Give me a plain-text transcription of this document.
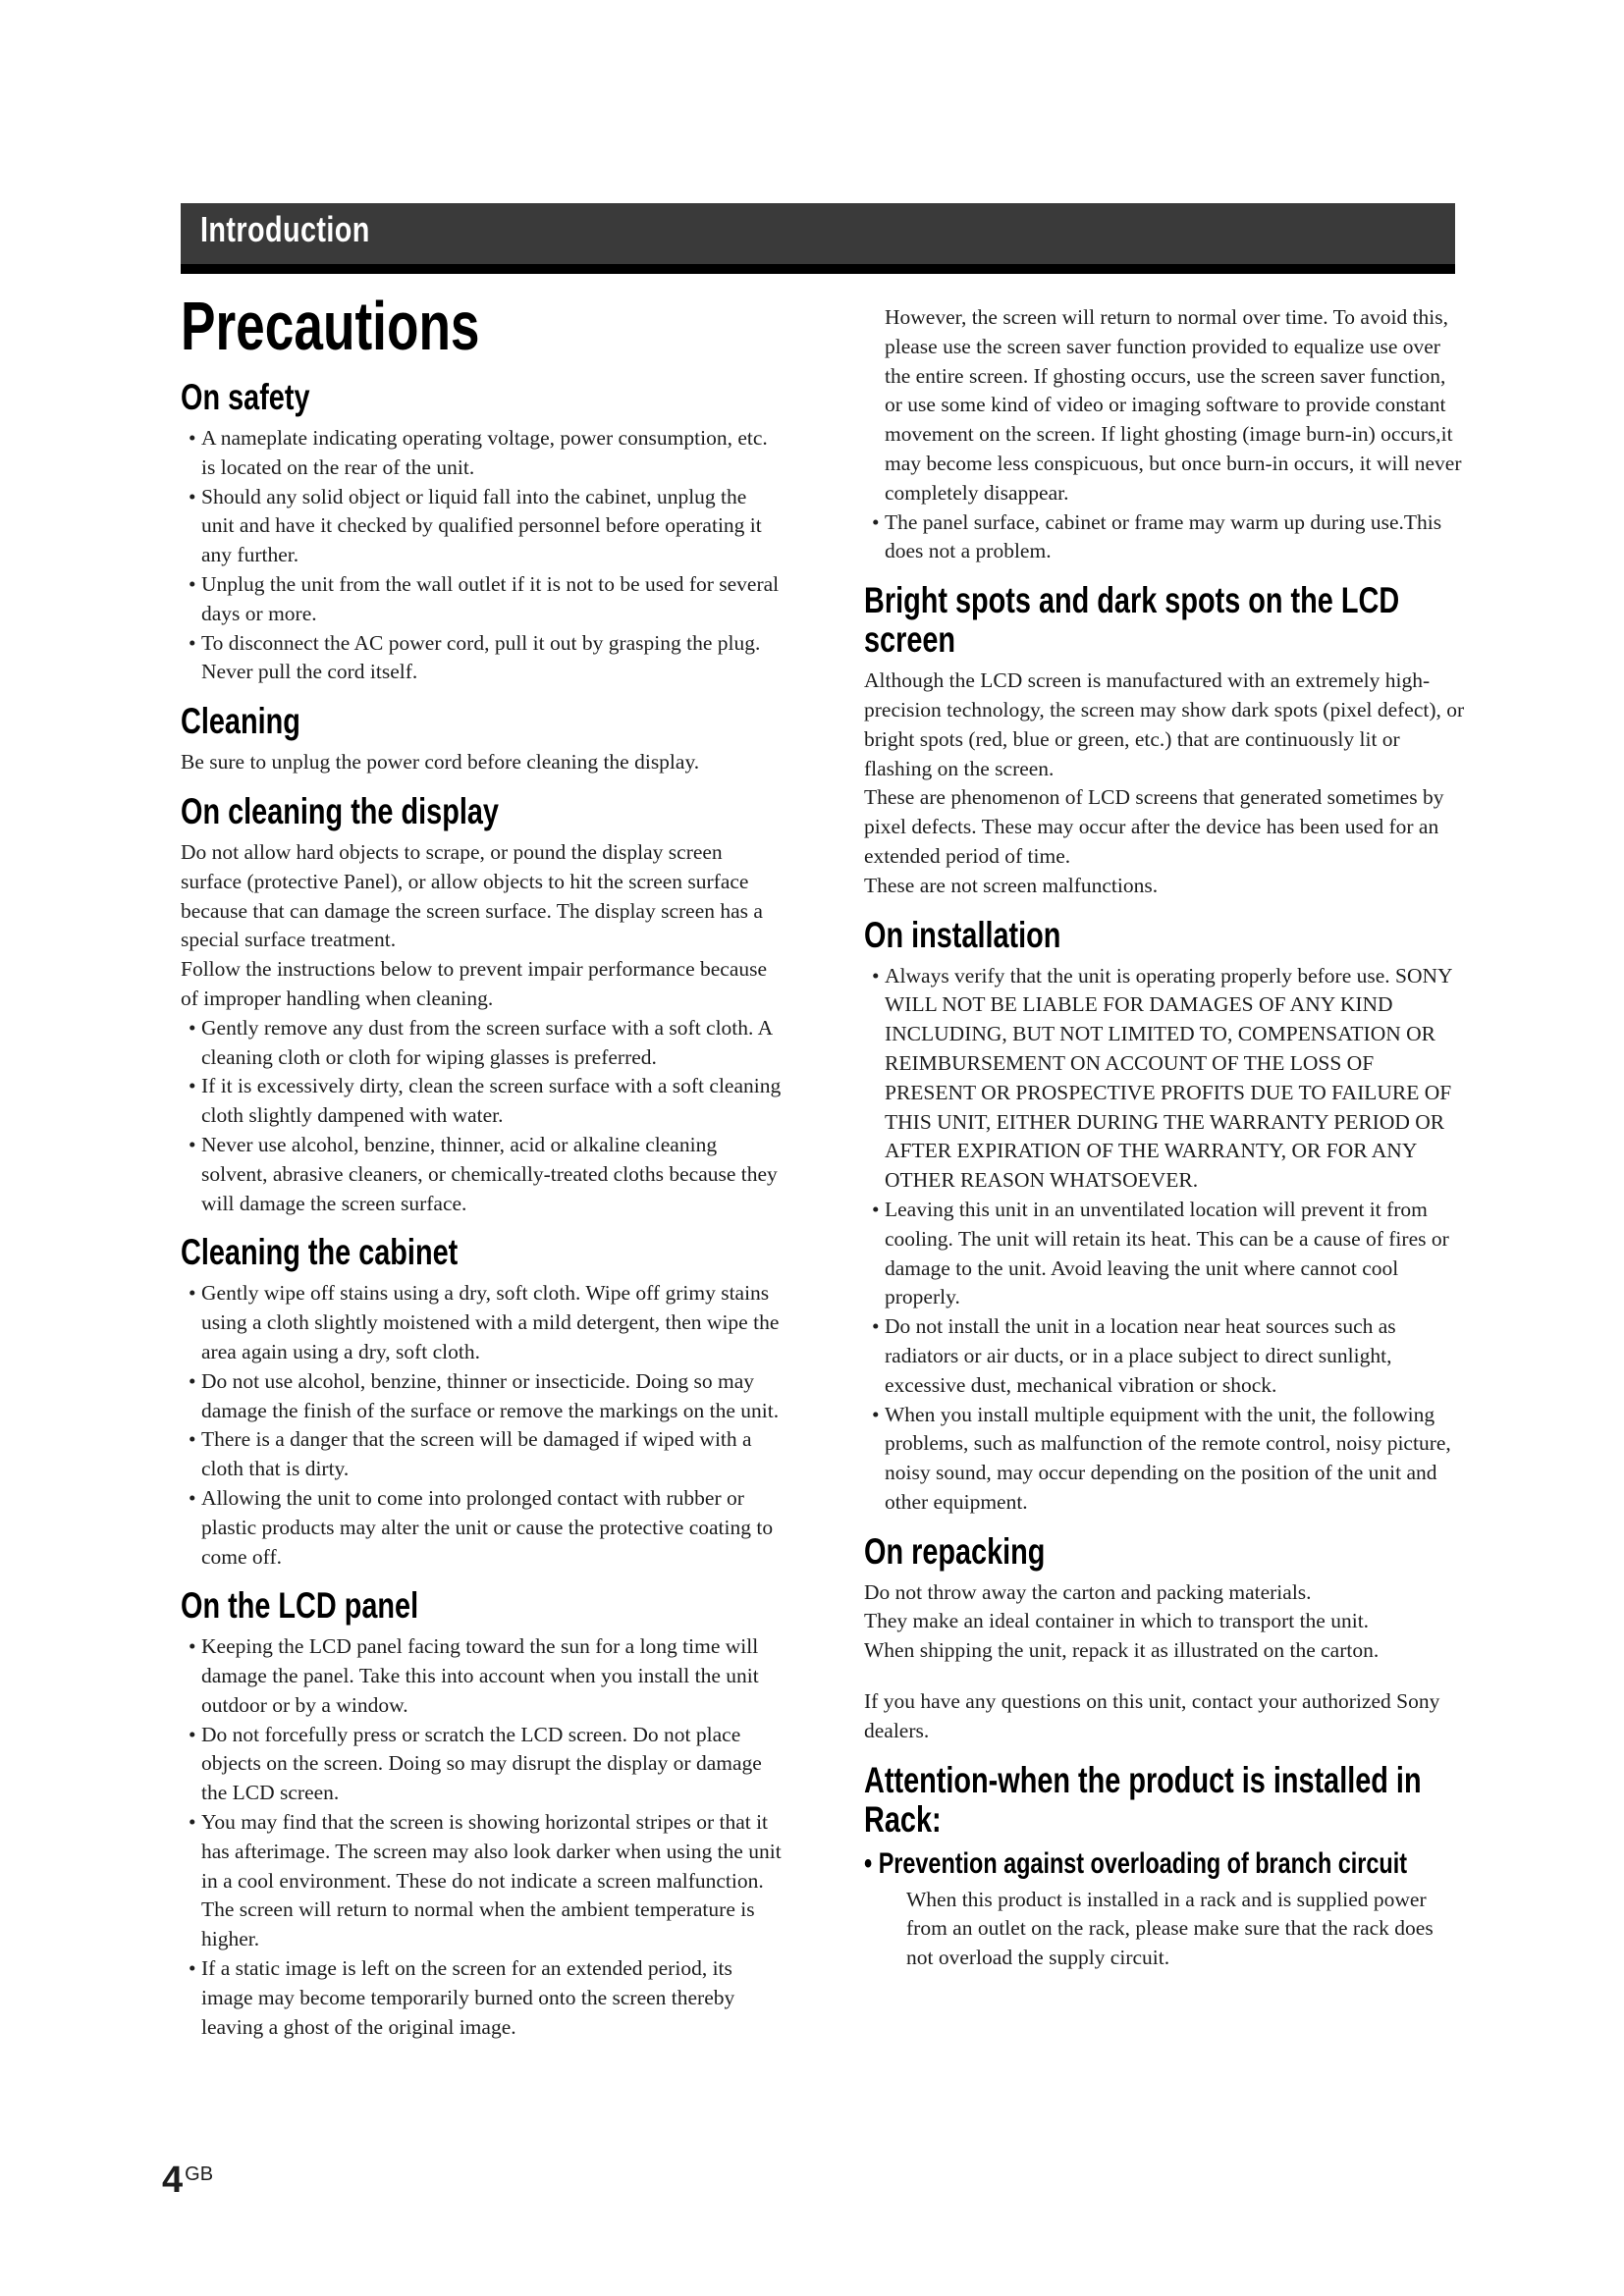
Introduction
Precautions
On safety
• A nameplate indicating operating voltage, power consumption, etc. is located on the rear of the unit.
• Should any solid object or liquid fall into the cabinet, unplug the unit and have it checked by qualified personnel before operating it any further.
• Unplug the unit from the wall outlet if it is not to be used for several days or more.
• To disconnect the AC power cord, pull it out by grasping the plug. Never pull the cord itself.
Cleaning

Be sure to unplug the power cord before cleaning the display.

On cleaning the display

Do not allow hard objects to scrape, or pound the display screen surface (protective Panel), or allow objects to hit the screen surface because that can damage the screen surface. The display screen has a special surface treatment.

Follow the instructions below to prevent impair performance because of improper handling when cleaning.

• Gently remove any dust from the screen surface with a soft cloth. A cleaning cloth or cloth for wiping glasses is preferred.
• If it is excessively dirty, clean the screen surface with a soft cleaning cloth slightly dampened with water.
• Never use alcohol, benzine, thinner, acid or alkaline cleaning solvent, abrasive cleaners, or chemically-treated cloths because they will damage the screen surface.
Cleaning the cabinet
• Gently wipe off stains using a dry, soft cloth. Wipe off grimy stains using a cloth slightly moistened with a mild detergent, then wipe the area again using a dry, soft cloth.
• Do not use alcohol, benzine, thinner or insecticide. Doing so may damage the finish of the surface or remove the markings on the unit.
• There is a danger that the screen will be damaged if wiped with a cloth that is dirty.
• Allowing the unit to come into prolonged contact with rubber or plastic products may alter the unit or cause the protective coating to come off.
On the LCD panel
• Keeping the LCD panel facing toward the sun for a long time will damage the panel. Take this into account when you install the unit outdoor or by a window.
• Do not forcefully press or scratch the LCD screen. Do not place objects on the screen. Doing so may disrupt the display or damage the LCD screen.
• You may find that the screen is showing horizontal stripes or that it has afterimage. The screen may also look darker when using the unit in a cool environment. These do not indicate a screen malfunction. The screen will return to normal when the ambient temperature is higher.
• If a static image is left on the screen for an extended period, its image may become temporarily burned onto the screen thereby leaving a ghost of the original image.

However, the screen will return to normal over time. To avoid this, please use the screen saver function provided to equalize use over the entire screen. If ghosting occurs, use the screen saver function, or use some kind of video or imaging software to provide constant movement on the screen. If light ghosting (image burn-in) occurs,it may become less conspicuous, but once burn-in occurs, it will never completely disappear.

• The panel surface, cabinet or frame may warm up during use.This does not a problem.
Bright spots and dark spots on the LCD screen

Although the LCD screen is manufactured with an extremely high-precision technology, the screen may show dark spots (pixel defect), or bright spots (red, blue or green, etc.) that are continuously lit or flashing on the screen.

These are phenomenon of LCD screens that generated sometimes by pixel defects. These may occur after the device has been used for an extended period of time.

These are not screen malfunctions.

On installation
• Always verify that the unit is operating properly before use. SONY WILL NOT BE LIABLE FOR DAMAGES OF ANY KIND INCLUDING, BUT NOT LIMITED TO, COMPENSATION OR REIMBURSEMENT ON ACCOUNT OF THE LOSS OF PRESENT OR PROSPECTIVE PROFITS DUE TO FAILURE OF THIS UNIT, EITHER DURING THE WARRANTY PERIOD OR AFTER EXPIRATION OF THE WARRANTY, OR FOR ANY OTHER REASON WHATSOEVER.
• Leaving this unit in an unventilated location will prevent it from cooling. The unit will retain its heat. This can be a cause of fires or damage to the unit. Avoid leaving the unit where cannot cool properly.
• Do not install the unit in a location near heat sources such as radiators or air ducts, or in a place subject to direct sunlight, excessive dust, mechanical vibration or shock.
• When you install multiple equipment with the unit, the following problems, such as malfunction of the remote control, noisy picture, noisy sound, may occur depending on the position of the unit and other equipment.
On repacking

Do not throw away the carton and packing materials.

They make an ideal container in which to transport the unit.

When shipping the unit, repack it as illustrated on the carton.

If you have any questions on this unit, contact your authorized Sony dealers.

Attention-when the product is installed in Rack:
• Prevention against overloading of branch circuit

When this product is installed in a rack and is supplied power from an outlet on the rack, please make sure that the rack does not overload the supply circuit.

4 GB
